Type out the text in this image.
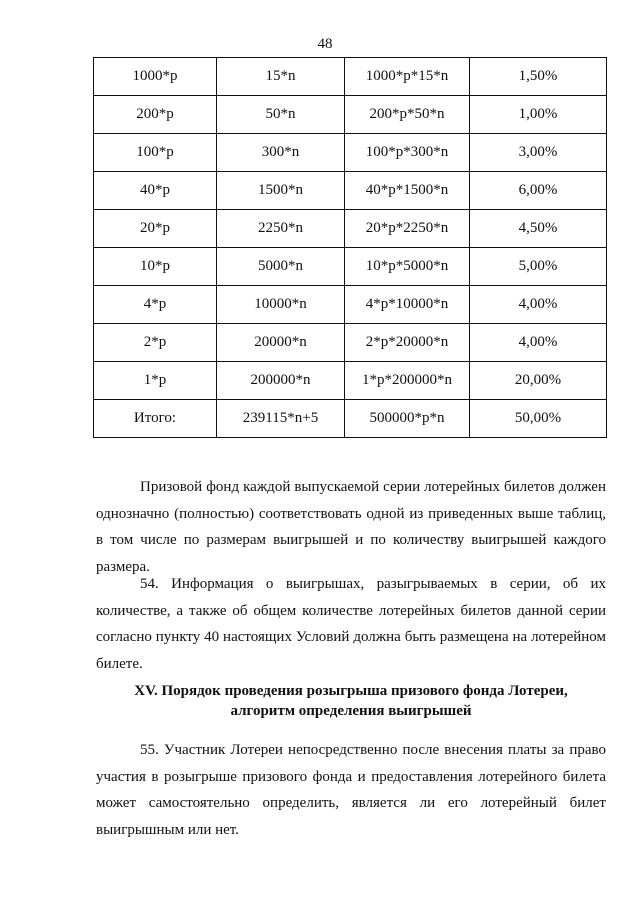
48
1000*р	15*n	1000*р*15*n	1,50%
200*р	50*n	200*р*50*n	1,00%
100*р	300*n	100*р*300*n	3,00%
40*р	1500*n	40*р*1500*n	6,00%
20*р	2250*n	20*р*2250*n	4,50%
10*р	5000*n	10*р*5000*n	5,00%
4*р	10000*n	4*р*10000*n	4,00%
2*р	20000*n	2*р*20000*n	4,00%
1*р	200000*n	1*р*200000*n	20,00%
Итого:	239115*n+5	500000*р*n	50,00%

Призовой фонд каждой выпускаемой серии лотерейных билетов должен однозначно (полностью) соответствовать одной из приведенных выше таблиц, в том числе по размерам выигрышей и по количеству выигрышей каждого размера.

54. Информация о выигрышах, разыгрываемых в серии, об их количестве, а также об общем количестве лотерейных билетов данной серии согласно пункту 40 настоящих Условий должна быть размещена на лотерейном билете.

XV. Порядок проведения розыгрыша призового фонда Лотереи,
алгоритм определения выигрышей

55. Участник Лотереи непосредственно после внесения платы за право участия в розыгрыше призового фонда и предоставления лотерейного билета может самостоятельно определить, является ли его лотерейный билет выигрышным или нет.
